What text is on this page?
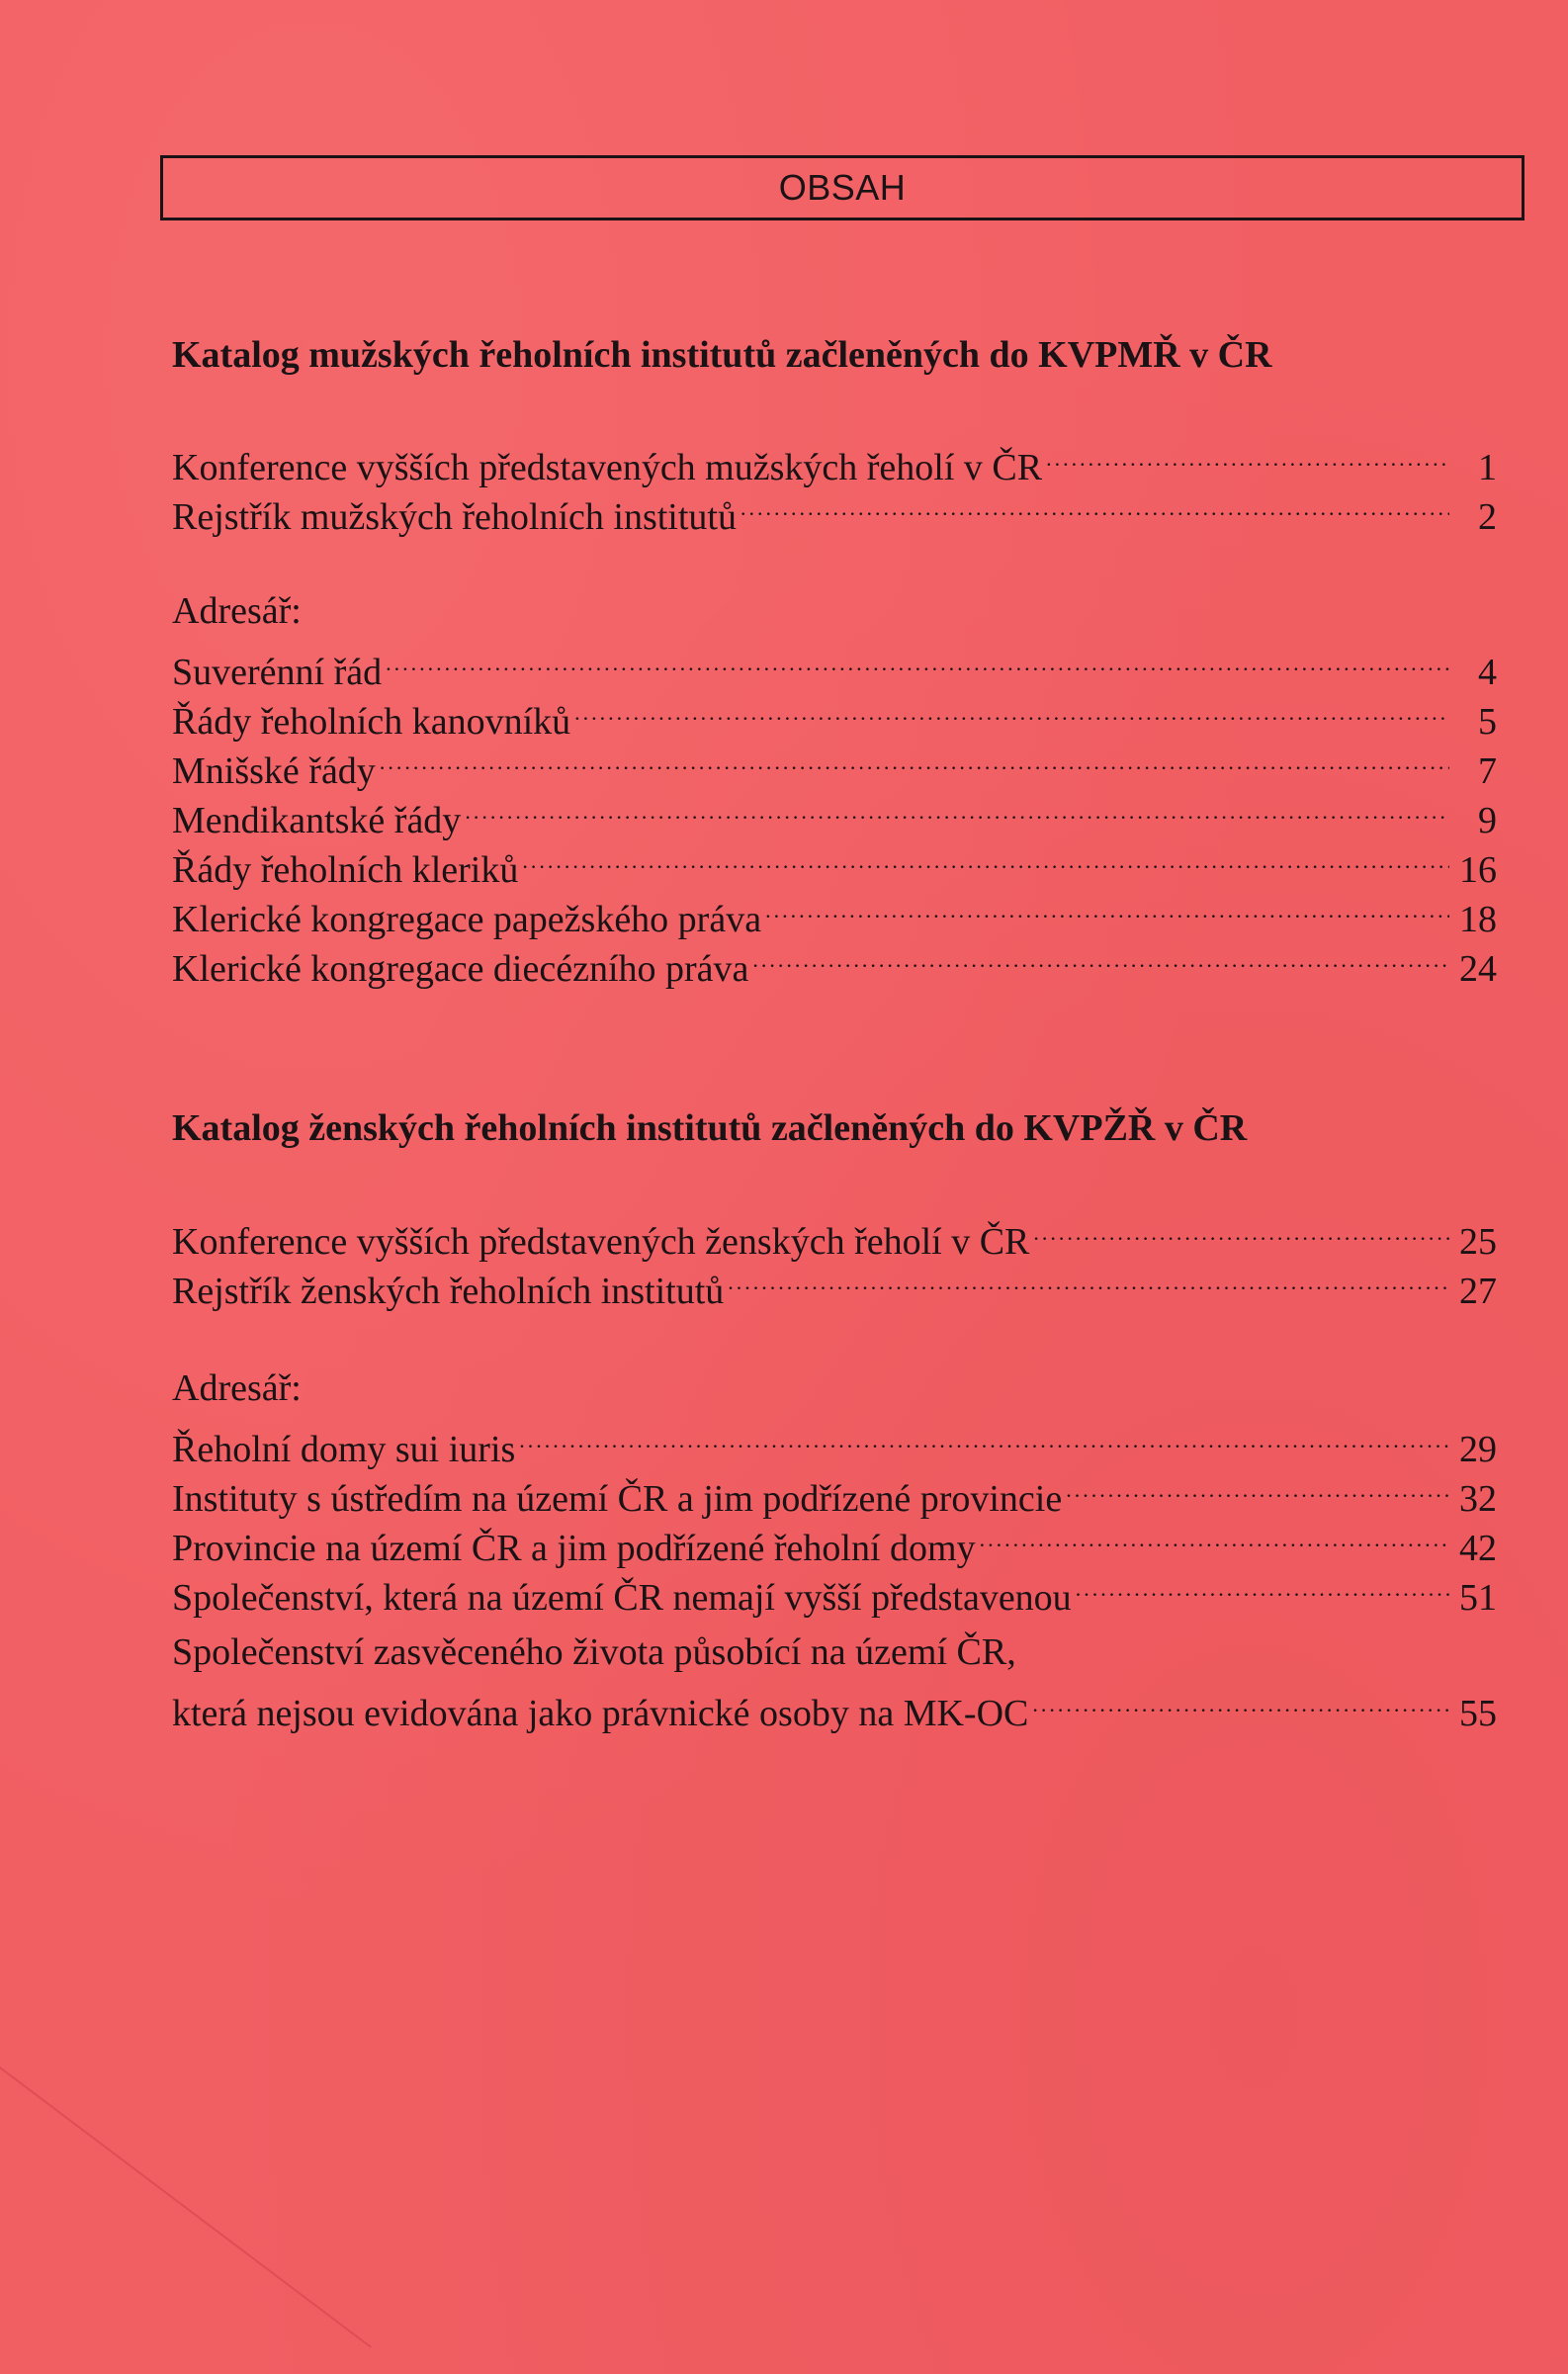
OBSAH
Katalog mužských řeholních institutů začleněných do KVPMŘ v ČR
Konference vyšších představených mužských řeholí v ČR .....	1
Rejstřík mužských řeholních institutů .....	2
Adresář:
Suverénní řád .....	4
Řády řeholních kanovníků .....	5
Mnišské řády .....	7
Mendikantské řády .....	9
Řády řeholních kleriků .....	16
Klerické kongregace papežského práva .....	18
Klerické kongregace diecézního práva .....	24
Katalog ženských řeholních institutů začleněných do KVPŽŘ v ČR
Konference vyšších představených ženských řeholí v ČR .....	25
Rejstřík ženských řeholních institutů .....	27
Adresář:
Řeholní domy sui iuris .....	29
Instituty s ústředím na území ČR a jim podřízené provincie .....	32
Provincie na území ČR a jim podřízené řeholní domy .....	42
Společenství, která na území ČR nemají vyšší představenou .....	51
Společenství zasvěceného života působící na území ČR,
která nejsou evidována jako právnické osoby na MK-OC .....	55
